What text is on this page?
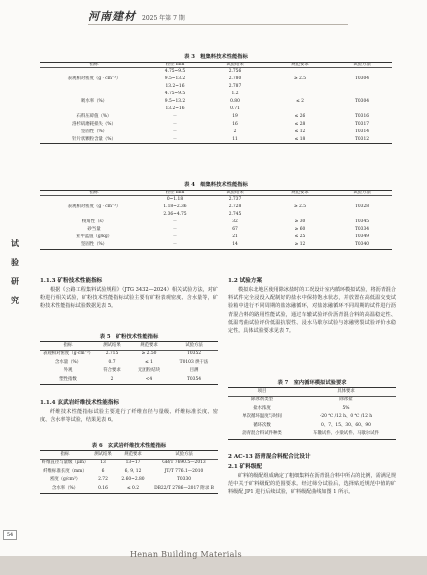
河南建材 2025 年第 7 期
试
验
研
究
表 3　粗集料技术性能指标
指标	粒径 mm	试验结果	规范要求	试验方法
	4.75~9.5	2.756		
表观相对密度（g · cm⁻³）	9.5~13.2	2.780	≥ 2.5	T0304
	13.2~16	2.787		
	4.75~9.5	1.2		
吸水率（%）	9.5~13.2	0.80	≤ 2	T0304
	13.2~16	0.71		
石料压碎值（%）	－	19	≤ 26	T0316
洛杉矶磨耗损失（%）	－	16	≤ 28	T0317
坚固性（%）	－	2	≤ 12	T0314
针片状颗粒含量（%）	－	11	≤ 18	T0312
表 4　细集料技术性能指标
指标	粒径 mm	试验结果	规范要求	试验方法
	0~1.18	2.737		
表观相对密度（g · cm⁻³）	1.18~2.36	2.728	≥ 2.5	T0328
	2.36~4.75	2.745		
棱角性（s）	－	32	≥ 30	T0345
砂当量	－	67	≥ 60	T0334
亚甲蓝值（g/kg）	－	21	≤ 25	T0349
坚固性（%）	－	14	≥ 12	T0340
1.1.3 矿粉技术性能指标
根据《公路工程集料试验规程》（JTG 3432—2024）相关试验方法，对矿粉进行相关试验，矿粉技术性能指标试验主要有矿粉表观密度、含水量等，矿粉技术性能指标试验数据见表 5。
表 5　矿粉技术性能指标
指标	测试结果	规范要求	试验方法
表观相对密度（g·cm⁻³）	2.715	≥ 2.50	T0352
含水量（%）	0.7	≤ 1	T0103 烘干法
外观	符合要求	无团粒结块	目测
塑性指数	2	<4	T0354
1.1.4 玄武岩纤维技术性能指标
纤维技术性能指标试验主要进行了纤维直径与量级、纤维标准长度、密度、含水率等试验，结果见表 6。
表 6　玄武岩纤维技术性能指标
指标	测试结果	规范要求	试验方法
纤维直径与量级（μm）	13	13~17	GB/T 7690.5—2013
纤维标准长度（mm）	6	6, 9, 12	JT/T 776.1—2010
密度（g/cm³）	2.72	2.60~2.80	T0330
含水率（%）	0.16	≤ 0.2	DB22/T 2786—2017 附录 B
1.2 试验方案
模拟东北地区使用除冰盐时的工况设计室内循环模拟试验，将沥青混合料试件完全浸没入配制好的盐水中保持饱水状态，并放置在高低温交变试验箱中进行不同周期的盐冻融循环，对盐冻融循环不同周期的试件进行沥青混合料的路用性能试验，通过车辙试验评价沥青混合料的高温稳定性、低温弯曲试验评价低温抗裂性、浸水马歇尔试验与冻融劈裂试验评价水稳定性。具体试验要求见表 7。
表 7　室内循环模拟试验要求
项目	具体要求
除冰剂类型	除冰盐
盐水浓度	5%
单次循环温度与时间	-20 ℃ /12 h、0 ℃ /12 h
循环次数	0、7、15、30、60、90
沥青混合料试件种类	车辙试件、小梁试件、马歇尔试件
2 AC-13 沥青混合料配合比设计
2.1 矿料级配
矿料的级配组成确定了粗细集料在沥青混合料中所占的比例，需满足规范中关于矿料级配的范围要求。经过筛分试验后，选择贴近规范中值的矿料级配 JP1 进行后续试验，矿料级配曲线如图 1 所示。
54
Henan Building Materials
